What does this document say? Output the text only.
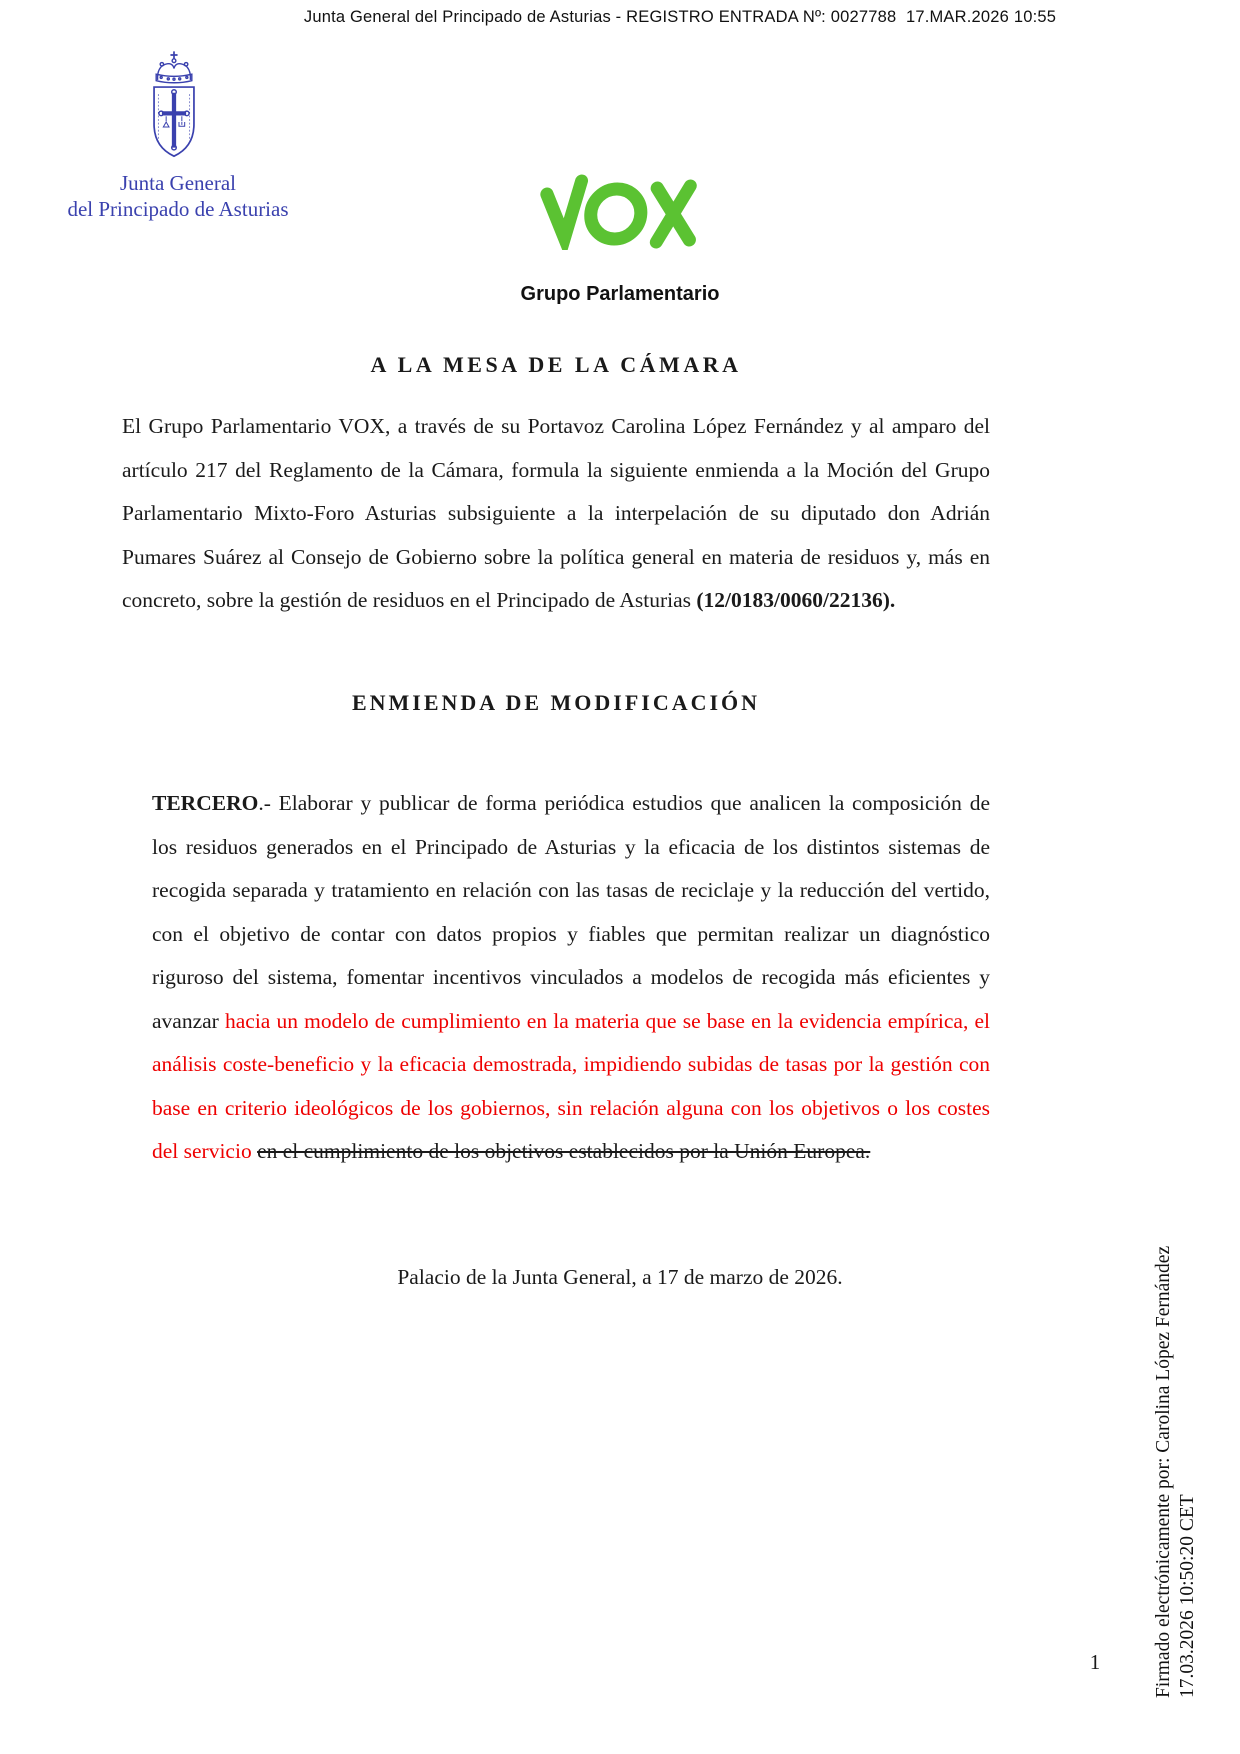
Junta General del Principado de Asturias - REGISTRO ENTRADA Nº: 0027788  17.MAR.2026 10:55
Junta General
del Principado de Asturias
Grupo Parlamentario
A LA MESA DE LA CÁMARA
El Grupo Parlamentario VOX, a través de su Portavoz Carolina López Fernández y al amparo del artículo 217 del Reglamento de la Cámara, formula la siguiente enmienda a la Moción del Grupo Parlamentario Mixto-Foro Asturias subsiguiente a la interpelación de su diputado don Adrián Pumares Suárez al Consejo de Gobierno sobre la política general en materia de residuos y, más en concreto, sobre la gestión de residuos en el Principado de Asturias (12/0183/0060/22136).
ENMIENDA DE MODIFICACIÓN
TERCERO.- Elaborar y publicar de forma periódica estudios que analicen la composición de los residuos generados en el Principado de Asturias y la eficacia de los distintos sistemas de recogida separada y tratamiento en relación con las tasas de reciclaje y la reducción del vertido, con el objetivo de contar con datos propios y fiables que permitan realizar un diagnóstico riguroso del sistema, fomentar incentivos vinculados a modelos de recogida más eficientes y avanzar hacia un modelo de cumplimiento en la materia que se base en la evidencia empírica, el análisis coste-beneficio y la eficacia demostrada, impidiendo subidas de tasas por la gestión con base en criterio ideológicos de los gobiernos, sin relación alguna con los objetivos o los costes del servicio en el cumplimiento de los objetivos establecidos por la Unión Europea.
Palacio de la Junta General, a 17 de marzo de 2026.	Firmado electrónicamente por: Carolina López Fernández 17.03.2026 10:50:20 CET
1
